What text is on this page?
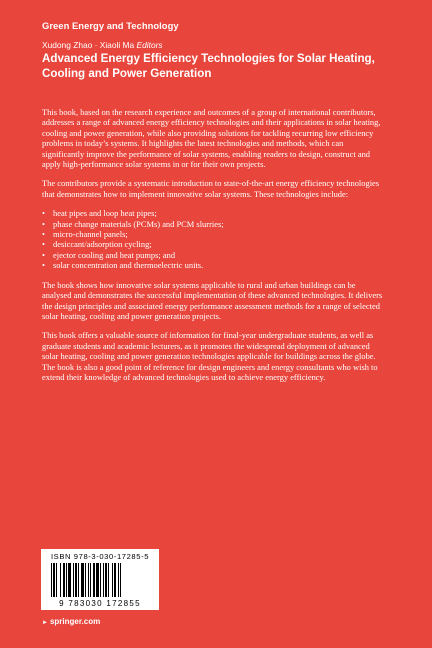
Green Energy and Technology
Xudong Zhao · Xiaoli Ma Editors
Advanced Energy Efficiency Technologies for Solar Heating, Cooling and Power Generation

This book, based on the research experience and outcomes of a group of international contributors, addresses a range of advanced energy efficiency technologies and their applications in solar heating, cooling and power generation, while also providing solutions for tackling recurring low efficiency problems in today’s systems. It highlights the latest technologies and methods, which can significantly improve the performance of solar systems, enabling readers to design, construct and apply high-performance solar systems in or for their own projects.

The contributors provide a systematic introduction to state-of-the-art energy efficiency technologies that demonstrates how to implement innovative solar systems. These technologies include:

• heat pipes and loop heat pipes;
• phase change materials (PCMs) and PCM slurries;
• micro-channel panels;
• desiccant/adsorption cycling;
• ejector cooling and heat pumps; and
• solar concentration and thermoelectric units.

The book shows how innovative solar systems applicable to rural and urban buildings can be analysed and demonstrates the successful implementation of these advanced technologies. It delivers the design principles and associated energy performance assessment methods for a range of selected solar heating, cooling and power generation projects.

This book offers a valuable source of information for final-year undergraduate students, as well as graduate students and academic lecturers, as it promotes the widespread deployment of advanced solar heating, cooling and power generation technologies applicable for buildings across the globe. The book is also a good point of reference for design engineers and energy consultants who wish to extend their knowledge of advanced technologies used to achieve energy efficiency.

ISBN 978-3-030-17285-5
9 783030 172855
► springer.com
